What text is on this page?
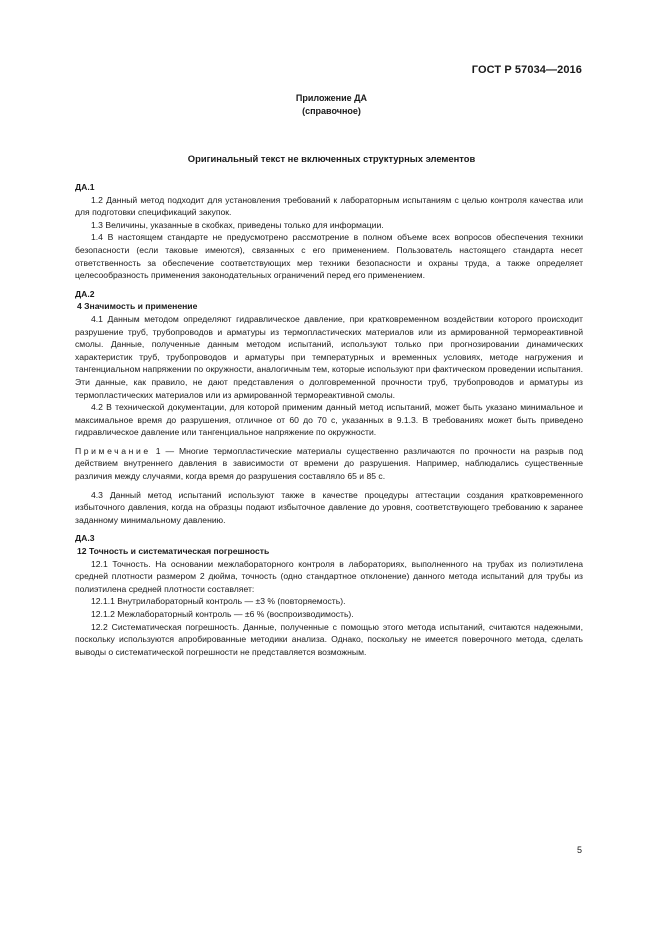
ГОСТ Р 57034—2016
Приложение ДА
(справочное)
Оригинальный текст не включенных структурных элементов

ДА.1

1.2 Данный метод подходит для установления требований к лабораторным испытаниям с целью контроля качества или для подготовки спецификаций закупок.

1.3 Величины, указанные в скобках, приведены только для информации.

1.4 В настоящем стандарте не предусмотрено рассмотрение в полном объеме всех вопросов обеспечения техники безопасности (если таковые имеются), связанных с его применением. Пользователь настоящего стандарта несет ответственность за обеспечение соответствующих мер техники безопасности и охраны труда, а также определяет целесообразность применения законодательных ограничений перед его применением.

ДА.2

4 Значимость и применение

4.1 Данным методом определяют гидравлическое давление, при кратковременном воздействии которого происходит разрушение труб, трубопроводов и арматуры из термопластических материалов или из армированной термореактивной смолы. Данные, полученные данным методом испытаний, используют только при прогнозировании динамических характеристик труб, трубопроводов и арматуры при температурных и временных условиях, методе нагружения и тангенциальном напряжении по окружности, аналогичным тем, которые используют при фактическом проведении испытания. Эти данные, как правило, не дают представления о долговременной прочности труб, трубопроводов и арматуры из термопластических материалов или из армированной термореактивной смолы.

4.2 В технической документации, для которой применим данный метод испытаний, может быть указано минимальное и максимальное время до разрушения, отличное от 60 до 70 с, указанных в 9.1.3. В требованиях может быть приведено гидравлическое давление или тангенциальное напряжение по окружности.

Примечание 1 — Многие термопластические материалы существенно различаются по прочности на разрыв под действием внутреннего давления в зависимости от времени до разрушения. Например, наблюдались существенные различия между случаями, когда время до разрушения составляло 65 и 85 с.

4.3 Данный метод испытаний используют также в качестве процедуры аттестации создания кратковременного избыточного давления, когда на образцы подают избыточное давление до уровня, соответствующего требованию к заранее заданному минимальному давлению.

ДА.3

12 Точность и систематическая погрешность

12.1 Точность. На основании межлабораторного контроля в лабораториях, выполненного на трубах из полиэтилена средней плотности размером 2 дюйма, точность (одно стандартное отклонение) данного метода испытаний для трубы из полиэтилена средней плотности составляет:

12.1.1 Внутрилабораторный контроль — ±3 % (повторяемость).

12.1.2 Межлабораторный контроль — ±6 % (воспроизводимость).

12.2 Систематическая погрешность. Данные, полученные с помощью этого метода испытаний, считаются надежными, поскольку используются апробированные методики анализа. Однако, поскольку не имеется поверочного метода, сделать выводы о систематической погрешности не представляется возможным.

5
